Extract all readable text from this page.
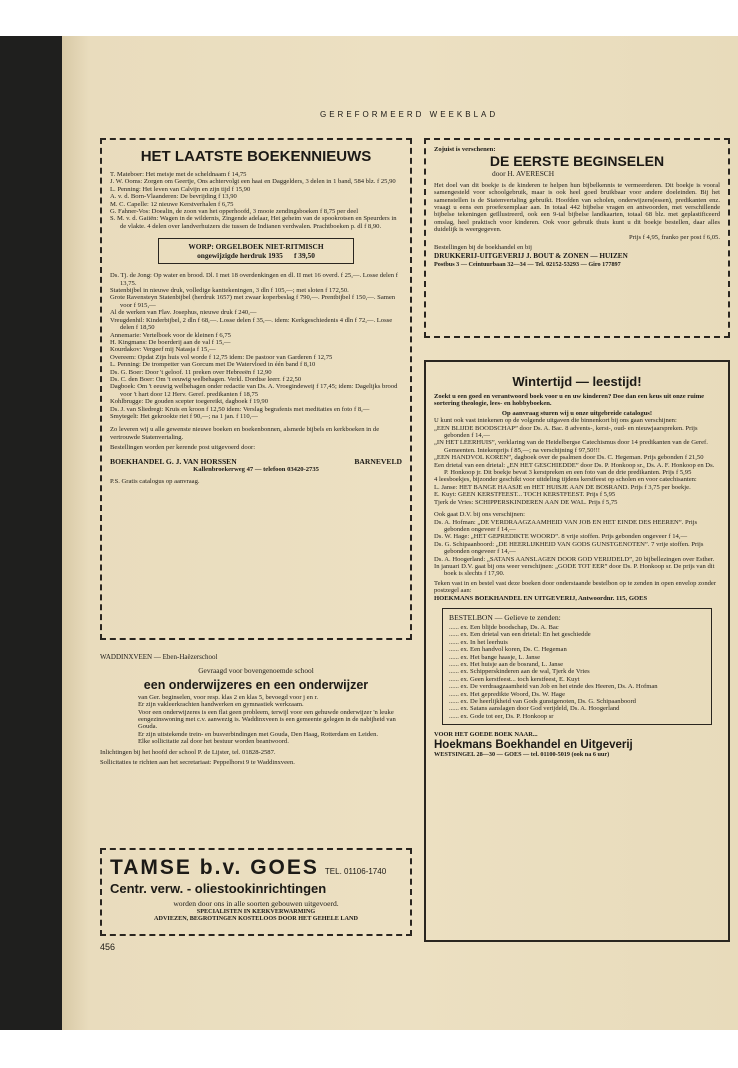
GEREFORMEERD WEEKBLAD
HET LAATSTE BOEKENNIEUWS

T. Mateboer: Het meisje met de scheldnaam f 14,75

J. W. Ooms: Zorgen om Geertje, Ons achtervolgt een haai en Daggelders, 3 delen in 1 band, 584 blz. f 25,90

L. Penning: Het leven van Calvijn en zijn tijd f 15,90

A. v. d. Born-Vlaanderen: De bevrijding f 13,90

M. C. Capelle: 12 nieuwe Kerstverhalen f 6,75

G. Fahner-Vos: Doealin, de zoon van het opperhoofd, 3 mooie zendingsboeken f 8,75 per deel

S. M. v. d. Gaiiën: Wagen in de wildernis, Zingende adelaar, Het geheim van de spookrotsen en Speurders in de vlakte. 4 delen over landverhuizers die tussen de Indianen verdwalen. Prachtboeken p. dl f 8,90.

WORP: ORGELBOEK NIET-RITMISCH
ongewijzigde herdruk 1935 f 39,50

Ds. Tj. de Jong: Op water en brood. Dl. I met 18 overdenkingen en dl. II met 16 overd. f 25,—. Losse delen f 13,75.

Statenbijbel in nieuwe druk, volledige kanttekeningen, 3 dln f 105,—; met sloten f 172,50.

Grote Ravensteyn Statenbijbel (herdruk 1657) met zwaar koperbeslag f 790,—. Prentbijbel f 150,—. Samen voor f 915,—

Al de werken van Flav. Josephus, nieuwe druk f 240,—

Vreugdenhil: Kinderbijbel, 2 dln f 68,—. Losse delen f 35,—. idem: Kerkgeschiedenis 4 dln f 72,—. Losse delen f 18,50

Annemarie: Vertelboek voor de kleinen f 6,75

H. Kingmans: De boerderij aan de val f 15,—

Kourdakov: Vergeef mij Natasja f 15,—

Overeem: Opdat Zijn huis vol worde f 12,75 idem: De pastoor van Garderen f 12,75

L. Penning: De trompetter van Gorcum met De Watervloed in één band f 8,10

Ds. G. Boer: Door 't geloof. 11 preken over Hebreeën f 12,90

Ds. C. den Boer: Om 't eeuwig welbehagen. Verkl. Dordtse leerr. f 22,50

Dagboek: Om 't eeuwig welbehagen onder redactie van Ds. A. Vroegindeweij f 17,45; idem: Dagelijks brood voor 't hart door 12 Herv. Geref. predikanten f 18,75

Kohlbrugge: De gouden scepter toegereikt, dagboek f 19,90

Ds. J. van Sliedregt: Kruis en kroon f 12,50 idem: Verslag begrafenis met meditaties en foto f 8,—

Smytegelt: Het gekrookte riet f 90,—; na 1 jan. f 110,—

Zo leveren wij u alle gewenste nieuwe boeken en boekenbonnen, alsmede bijbels en kerkboeken in de vertrouwde Statenvertaling.

Bestellingen worden per kerende post uitgevoerd door:

BOEKHANDEL G. J. VAN HORSSEN	BARNEVELD

Kallenbroekerweg 47 — telefoon 03420-2735

P.S. Gratis catalogus op aanvraag.

WADDINXVEEN — Eben-Haëzerschool

Gevraagd voor bovengenoemde school

een onderwijzeres en een onderwijzer

van Ger. beginselen, voor resp. klas 2 en klas 5, bevoegd voor j en r.

Er zijn vakleerkrachten handwerken en gymnastiek werkzaam.

Voor een onderwijzeres is een flat geen probleem, terwijl voor een gehuwde onderwijzer 'n leuke eengezinswoning met c.v. aanwezig is. Waddinxveen is een gemeente gelegen in de nabijheid van Gouda.

Er zijn uitstekende trein- en busverbindingen met Gouda, Den Haag, Rotterdam en Leiden.

Elke sollicitatie zal door het bestuur worden beantwoord.

Inlichtingen bij het hoofd der school P. de Lijster, tel. 01828-2587.

Sollicitaties te richten aan het secretariaat: Peppelhorst 9 te Waddinxveen.

TAMSE b.v. GOES TEL. 01106-1740
Centr. verw. - oliestookinrichtingen

worden door ons in alle soorten gebouwen uitgevoerd.

SPECIALISTEN IN KERKVERWARMING

ADVIEZEN, BEGROTINGEN KOSTELOOS DOOR HET GEHELE LAND

Zojuist is verschenen:

DE EERSTE BEGINSELEN

door H. AVERESCH

Het doel van dit boekje is de kinderen te helpen hun bijbelkennis te vermeerderen. Dit boekje is vooral samengesteld voor schoolgebruik, maar is ook heel goed bruikbaar voor andere doeleinden. Bij het samenstellen is de Statenvertaling gebruikt. Hoofden van scholen, onderwijzers(essen), predikanten enz. vraagt u eens een proefexemplaar aan. In totaal 442 bijbelse vragen en antwoorden, met verschillende bijbelse tekeningen geïllustreerd, ook een 9-tal bijbelse landkaarten, totaal 68 blz. met geplastificeerd omslag, heel praktisch voor kinderen. Ook voor gebruik thuis kunt u dit boekje bestellen, daar alles duidelijk is weergegeven.

Prijs f 4,95, franko per post f 6,05.

Bestellingen bij de boekhandel en bij

DRUKKERIJ-UITGEVERIJ J. BOUT & ZONEN — HUIZEN

Postbus 3 — Ceintuurbaan 32—34 — Tel. 02152-53293 — Giro 177897

Wintertijd — leestijd!

Zoekt u een goed en verantwoord boek voor u en uw kinderen? Doe dan een keus uit onze ruime sortering theologie, lees- en hobbyboeken.

Op aanvraag sturen wij u onze uitgebreide catalogus!

U kunt ook vast intekenen op de volgende uitgaven die binnenkort bij ons gaan verschijnen:

„EEN BLIJDE BOODSCHAP” door Ds. A. Bac. 8 advents-, kerst-, oud- en nieuwjaarspreken. Prijs gebonden f 14,—

„IN HET LEERHUIS”, verklaring van de Heidelbergse Catechismus door 14 predikanten van de Geref. Gemeenten. Intekenprijs f 85,—; na verschijning f 97,50!!!

„EEN HANDVOL KOREN”, dagboek over de psalmen door Ds. C. Hegeman. Prijs gebonden f 21,50

Een drietal van een drietal: „EN HET GESCHIEDDE” door Ds. P. Honkoop sr., Ds. A. F. Honkoop en Ds. P. Honkoop jr. Dit boekje bevat 3 kerstpreken en een foto van de drie predikanten. Prijs f 5,95

4 leesboekjes, bijzonder geschikt voor uitdeling tijdens kerstfeest op scholen en voor catechisanten:

L. Janse: HET BANGE HAASJE en HET HUISJE AAN DE BOSRAND. Prijs f 3,75 per boekje.

E. Kuyt: GEEN KERSTFEEST... TOCH KERSTFEEST. Prijs f 5,95

Tjerk de Vries: SCHIPPERSKINDEREN AAN DE WAL. Prijs f 5,75

Ook gaat D.V. bij ons verschijnen:

Ds. A. Hofman: „DE VERDRAAGZAAMHEID VAN JOB EN HET EINDE DES HEEREN”. Prijs gebonden ongeveer f 14,—

Ds. W. Hage: „HET GEPREDIKTE WOORD”. 8 vrije stoffen. Prijs gebonden ongeveer f 14,—

Ds. G. Schipaanboord: „DE HEERLIJKHEID VAN GODS GUNSTGENOTEN”. 7 vrije stoffen. Prijs gebonden ongeveer f 14,—

Ds. A. Hoogerland: „SATANS AANSLAGEN DOOR GOD VERIJDELD”, 20 bijbellezingen over Esther.

In januari D.V. gaat bij ons weer verschijnen: „GODE TOT EER” door Ds. P. Honkoop sr. De prijs van dit boek is slechts f 17,90.

Teken vast in en bestel vast deze boeken door onderstaande bestelbon op te zenden in open envelop zonder postzegel aan:

HOEKMANS BOEKHANDEL EN UITGEVERIJ, Antwoordnr. 115, GOES

BESTELBON — Gelieve te zenden:

...... ex. Een blijde boodschap, Ds. A. Bac

...... ex. Een drietal van een drietal: En het geschiedde

...... ex. In het leerhuis

...... ex. Een handvol koren, Ds. C. Hegeman

...... ex. Het bange haasje, L. Janse

...... ex. Het huisje aan de bosrand, L. Janse

...... ex. Schipperskinderen aan de wal, Tjerk de Vries

...... ex. Geen kerstfeest... toch kerstfeest, E. Kuyt

...... ex. De verdraagzaamheid van Job en het einde des Heeren, Ds. A. Hofman

...... ex. Het gepredikte Woord, Ds. W. Hage

...... ex. De heerlijkheid van Gods gunstgenoten, Ds. G. Schipaanboord

...... ex. Satans aanslagen door God verijdeld, Ds. A. Hoogerland

...... ex. Gode tot eer, Ds. P. Honkoop sr

VOOR HET GOEDE BOEK NAAR...

Hoekmans Boekhandel en Uitgeverij

WESTSINGEL 28—30 — GOES — tel. 01100-5019 (ook na 6 uur)

456
